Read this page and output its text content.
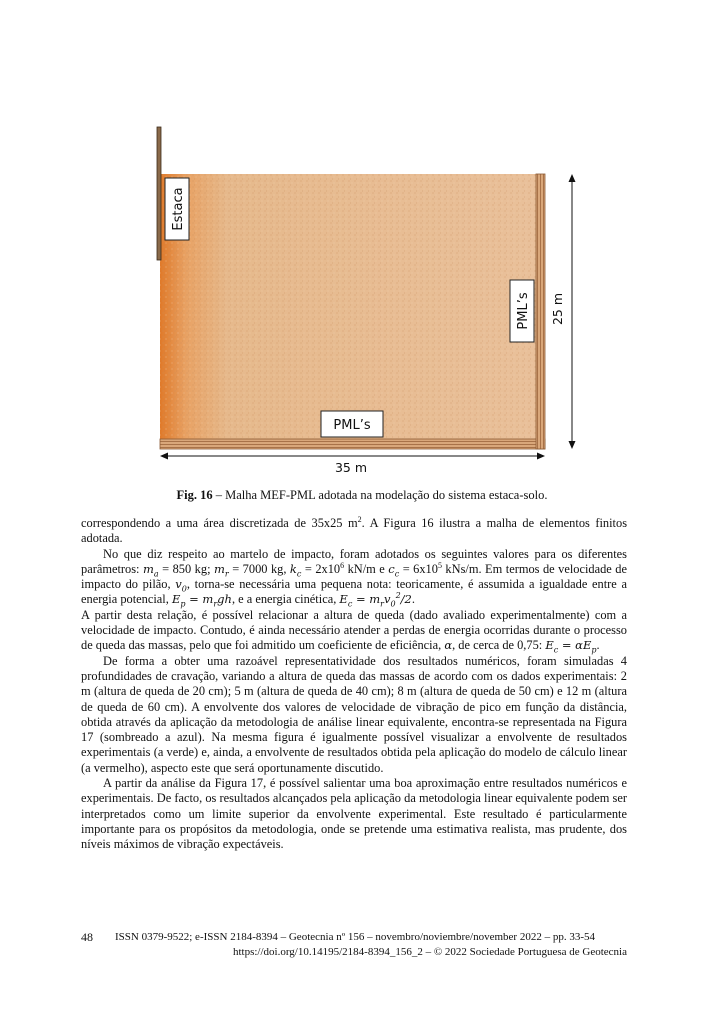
Estaca
PML’s
PML’s
35 m
25 m
Fig. 16 – Malha MEF-PML adotada na modelação do sistema estaca-solo.

correspondendo a uma área discretizada de 35x25 $m^2$. A Figura 16 ilustra a malha de elementos finitos adotada.

No que diz respeito ao martelo de impacto, foram adotados os seguintes valores para os diferentes parâmetros: $m_a = 850$ kg; $m_r = 7000$ kg, $k_c = 2x10^6$ kN/m e $c_c = 6x10^5$ kNs/m. Em termos de velocidade de impacto do pilão, $v_0$, torna-se necessária uma pequena nota: teoricamente, é assumida a igualdade entre a energia potencial, $E_p = m_rgh$, e a energia cinética, $E_c = m_rv_0^2/2$.

A partir desta relação, é possível relacionar a altura de queda (dado avaliado experimentalmente) com a velocidade de impacto. Contudo, é ainda necessário atender a perdas de energia ocorridas durante o processo de queda das massas, pelo que foi admitido um coeficiente de eficiência, α, de cerca de 0,75: $E_c = \alpha E_p$.

De forma a obter uma razoável representatividade dos resultados numéricos, foram simuladas 4 profundidades de cravação, variando a altura de queda das massas de acordo com os dados experimentais: 2 m (altura de queda de 20 cm); 5 m (altura de queda de 40 cm); 8 m (altura de queda de 50 cm) e 12 m (altura de queda de 60 cm). A envolvente dos valores de velocidade de vibração de pico em função da distância, obtida através da aplicação da metodologia de análise linear equivalente, encontra-se representada na Figura 17 (sombreado a azul). Na mesma figura é igualmente possível visualizar a envolvente de resultados experimentais (a verde) e, ainda, a envolvente de resultados obtida pela aplicação do modelo de cálculo linear (a vermelho), aspecto este que será oportunamente discutido.

A partir da análise da Figura 17, é possível salientar uma boa aproximação entre resultados numéricos e experimentais. De facto, os resultados alcançados pela aplicação da metodologia linear equivalente podem ser interpretados como um limite superior da envolvente experimental. Este resultado é particularmente importante para os propósitos da metodologia, onde se pretende uma estimativa realista, mas prudente, dos níveis máximos de vibração expectáveis.

48	ISSN 0379-9522; e-ISSN 2184-8394 – Geotecnia nº 156 – novembro/noviembre/november 2022 – pp. 33-54
https://doi.org/10.14195/2184-8394_156_2 – © 2022 Sociedade Portuguesa de Geotecnia
